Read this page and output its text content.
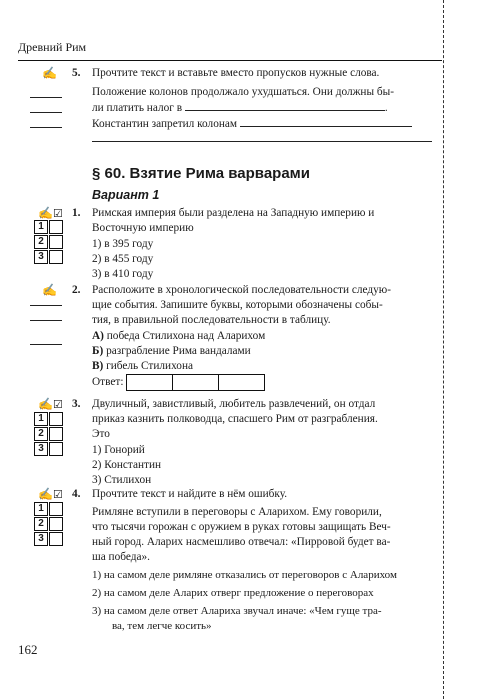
Древний Рим
✍ 5. Прочтите текст и вставьте вместо пропусков нужные слова.
Положение колонов продолжало ухудшаться. Они должны бы-
ли платить налог в	.
Константин запретил колонам
§ 60. Взятие Рима варварами
Вариант 1
✍☑ 1. Римская империя были разделена на Западную империю и
Восточную империю
1) в 395 году
2) в 455 году
3) в 410 году
1
2
3
✍ 2. Расположите в хронологической последовательности следую-
щие события. Запишите буквы, которыми обозначены собы-
тия, в правильной последовательности в таблицу.
А) победа Стилихона над Аларихом
Б) разграбление Рима вандалами
В) гибель Стилихона
Ответ:
✍☑ 3. Двуличный, завистливый, любитель развлечений, он отдал
приказ казнить полководца, спасшего Рим от разграбления.
Это
1) Гонорий
2) Константин
3) Стилихон
1
2
3
✍☑ 4. Прочтите текст и найдите в нём ошибку.
Римляне вступили в переговоры с Аларихом. Ему говорили,
что тысячи горожан с оружием в руках готовы защищать Веч-
ный город. Аларих насмешливо отвечал: «Пирровой будет ва-
ша победа».
1) на самом деле римляне отказались от переговоров с Аларихом
2) на самом деле Аларих отверг предложение о переговорах
3) на самом деле ответ Алариха звучал иначе: «Чем гуще тра-
ва, тем легче косить»
1
2
3
162
